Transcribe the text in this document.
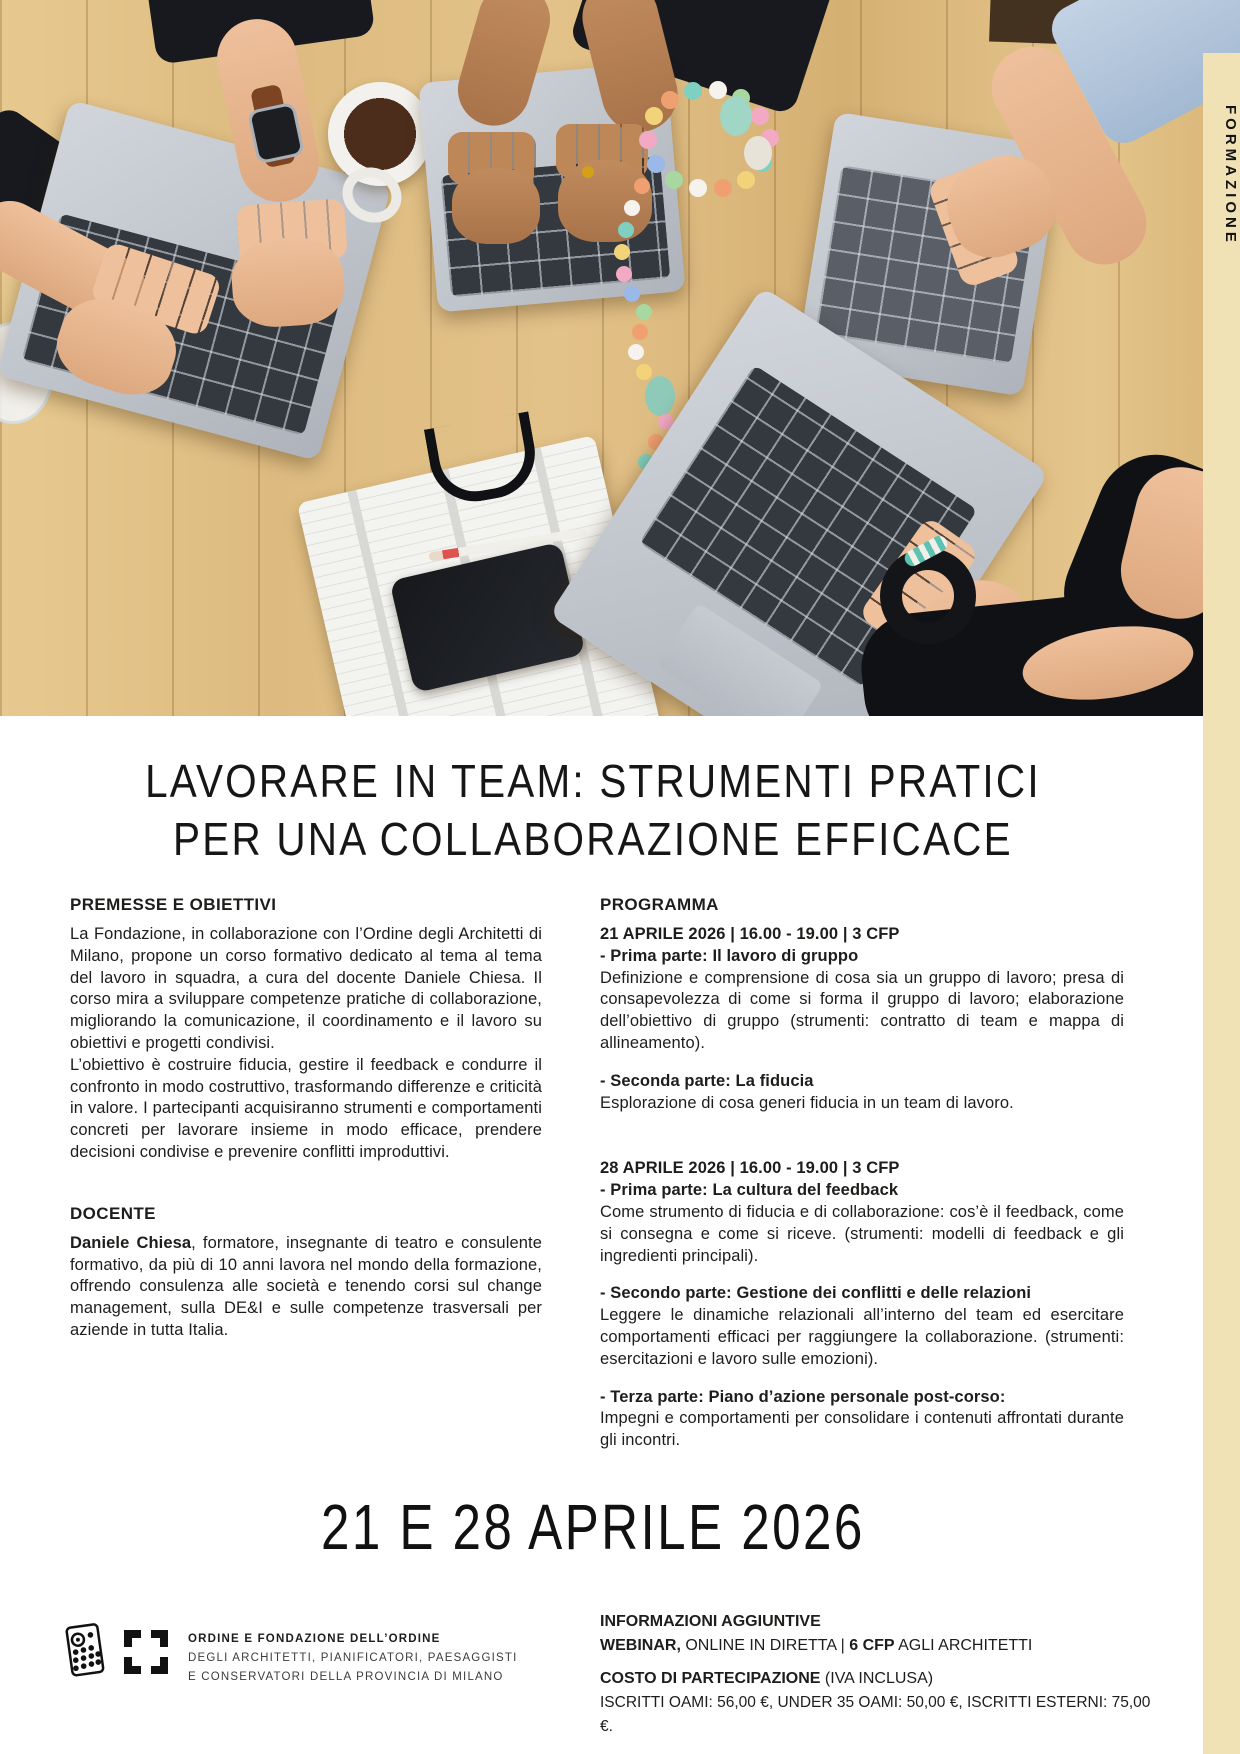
FORMAZIONE
LAVORARE IN TEAM: STRUMENTI PRATICI
PER UNA COLLABORAZIONE EFFICACE
PREMESSE E OBIETTIVI

La Fondazione, in collaborazione con l’Ordine degli Architetti di Milano, propone un corso formativo dedicato al tema al tema del lavoro in squadra, a cura del docente Daniele Chiesa. Il corso mira a sviluppare competenze pratiche di collaborazione, migliorando la comunicazione, il coordinamento e il lavoro su obiettivi e progetti condivisi.

L’obiettivo è costruire fiducia, gestire il feedback e condurre il confronto in modo costruttivo, trasformando differenze e criticità in valore. I partecipanti acquisiranno strumenti e comportamenti concreti per lavorare insieme in modo efficace, prendere decisioni condivise e prevenire conflitti improduttivi.

DOCENTE

Daniele Chiesa, formatore, insegnante di teatro e consulente formativo, da più di 10 anni lavora nel mondo della formazione, offrendo consulenza alle società e tenendo corsi sul change management, sulla DE&I e sulle competenze trasversali per aziende in tutta Italia.

PROGRAMMA

21 APRILE 2026 | 16.00 - 19.00 | 3 CFP

- Prima parte: Il lavoro di gruppo

Definizione e comprensione di cosa sia un gruppo di lavoro; presa di consapevolezza di come si forma il gruppo di lavoro; elaborazione dell’obiettivo di gruppo (strumenti: contratto di team e mappa di allineamento).

- Seconda parte: La fiducia

Esplorazione di cosa generi fiducia in un team di lavoro.

28 APRILE 2026 | 16.00 - 19.00 | 3 CFP

- Prima parte: La cultura del feedback

Come strumento di fiducia e di collaborazione: cos’è il feedback, come si consegna e come si riceve. (strumenti: modelli di feedback e gli ingredienti principali).

- Secondo parte: Gestione dei conflitti e delle relazioni

Leggere le dinamiche relazionali all’interno del team ed esercitare comportamenti efficaci per raggiungere la collaborazione. (strumenti: esercitazioni e lavoro sulle emozioni).

- Terza parte: Piano d’azione personale post-corso:

Impegni e comportamenti per consolidare i contenuti affrontati durante gli incontri.

21 E 28 APRILE 2026
ORDINE E FONDAZIONE DELL’ORDINE
DEGLI ARCHITETTI, PIANIFICATORI, PAESAGGISTI
E CONSERVATORI DELLA PROVINCIA DI MILANO
INFORMAZIONI AGGIUNTIVE
WEBINAR, ONLINE IN DIRETTA | 6 CFP AGLI ARCHITETTI
COSTO DI PARTECIPAZIONE (IVA INCLUSA)
ISCRITTI OAMI: 56,00 €, UNDER 35 OAMI: 50,00 €, ISCRITTI ESTERNI: 75,00 €.
